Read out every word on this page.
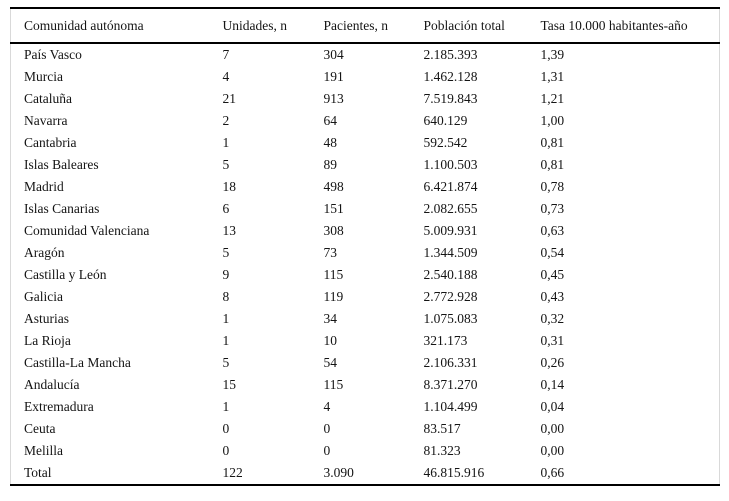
Comunidad autónoma	Unidades, n	Pacientes, n	Población total	Tasa 10.000 habitantes-año
País Vasco	7	304	2.185.393	1,39
Murcia	4	191	1.462.128	1,31
Cataluña	21	913	7.519.843	1,21
Navarra	2	64	640.129	1,00
Cantabria	1	48	592.542	0,81
Islas Baleares	5	89	1.100.503	0,81
Madrid	18	498	6.421.874	0,78
Islas Canarias	6	151	2.082.655	0,73
Comunidad Valenciana	13	308	5.009.931	0,63
Aragón	5	73	1.344.509	0,54
Castilla y León	9	115	2.540.188	0,45
Galicia	8	119	2.772.928	0,43
Asturias	1	34	1.075.083	0,32
La Rioja	1	10	321.173	0,31
Castilla-La Mancha	5	54	2.106.331	0,26
Andalucía	15	115	8.371.270	0,14
Extremadura	1	4	1.104.499	0,04
Ceuta	0	0	83.517	0,00
Melilla	0	0	81.323	0,00
Total	122	3.090	46.815.916	0,66
